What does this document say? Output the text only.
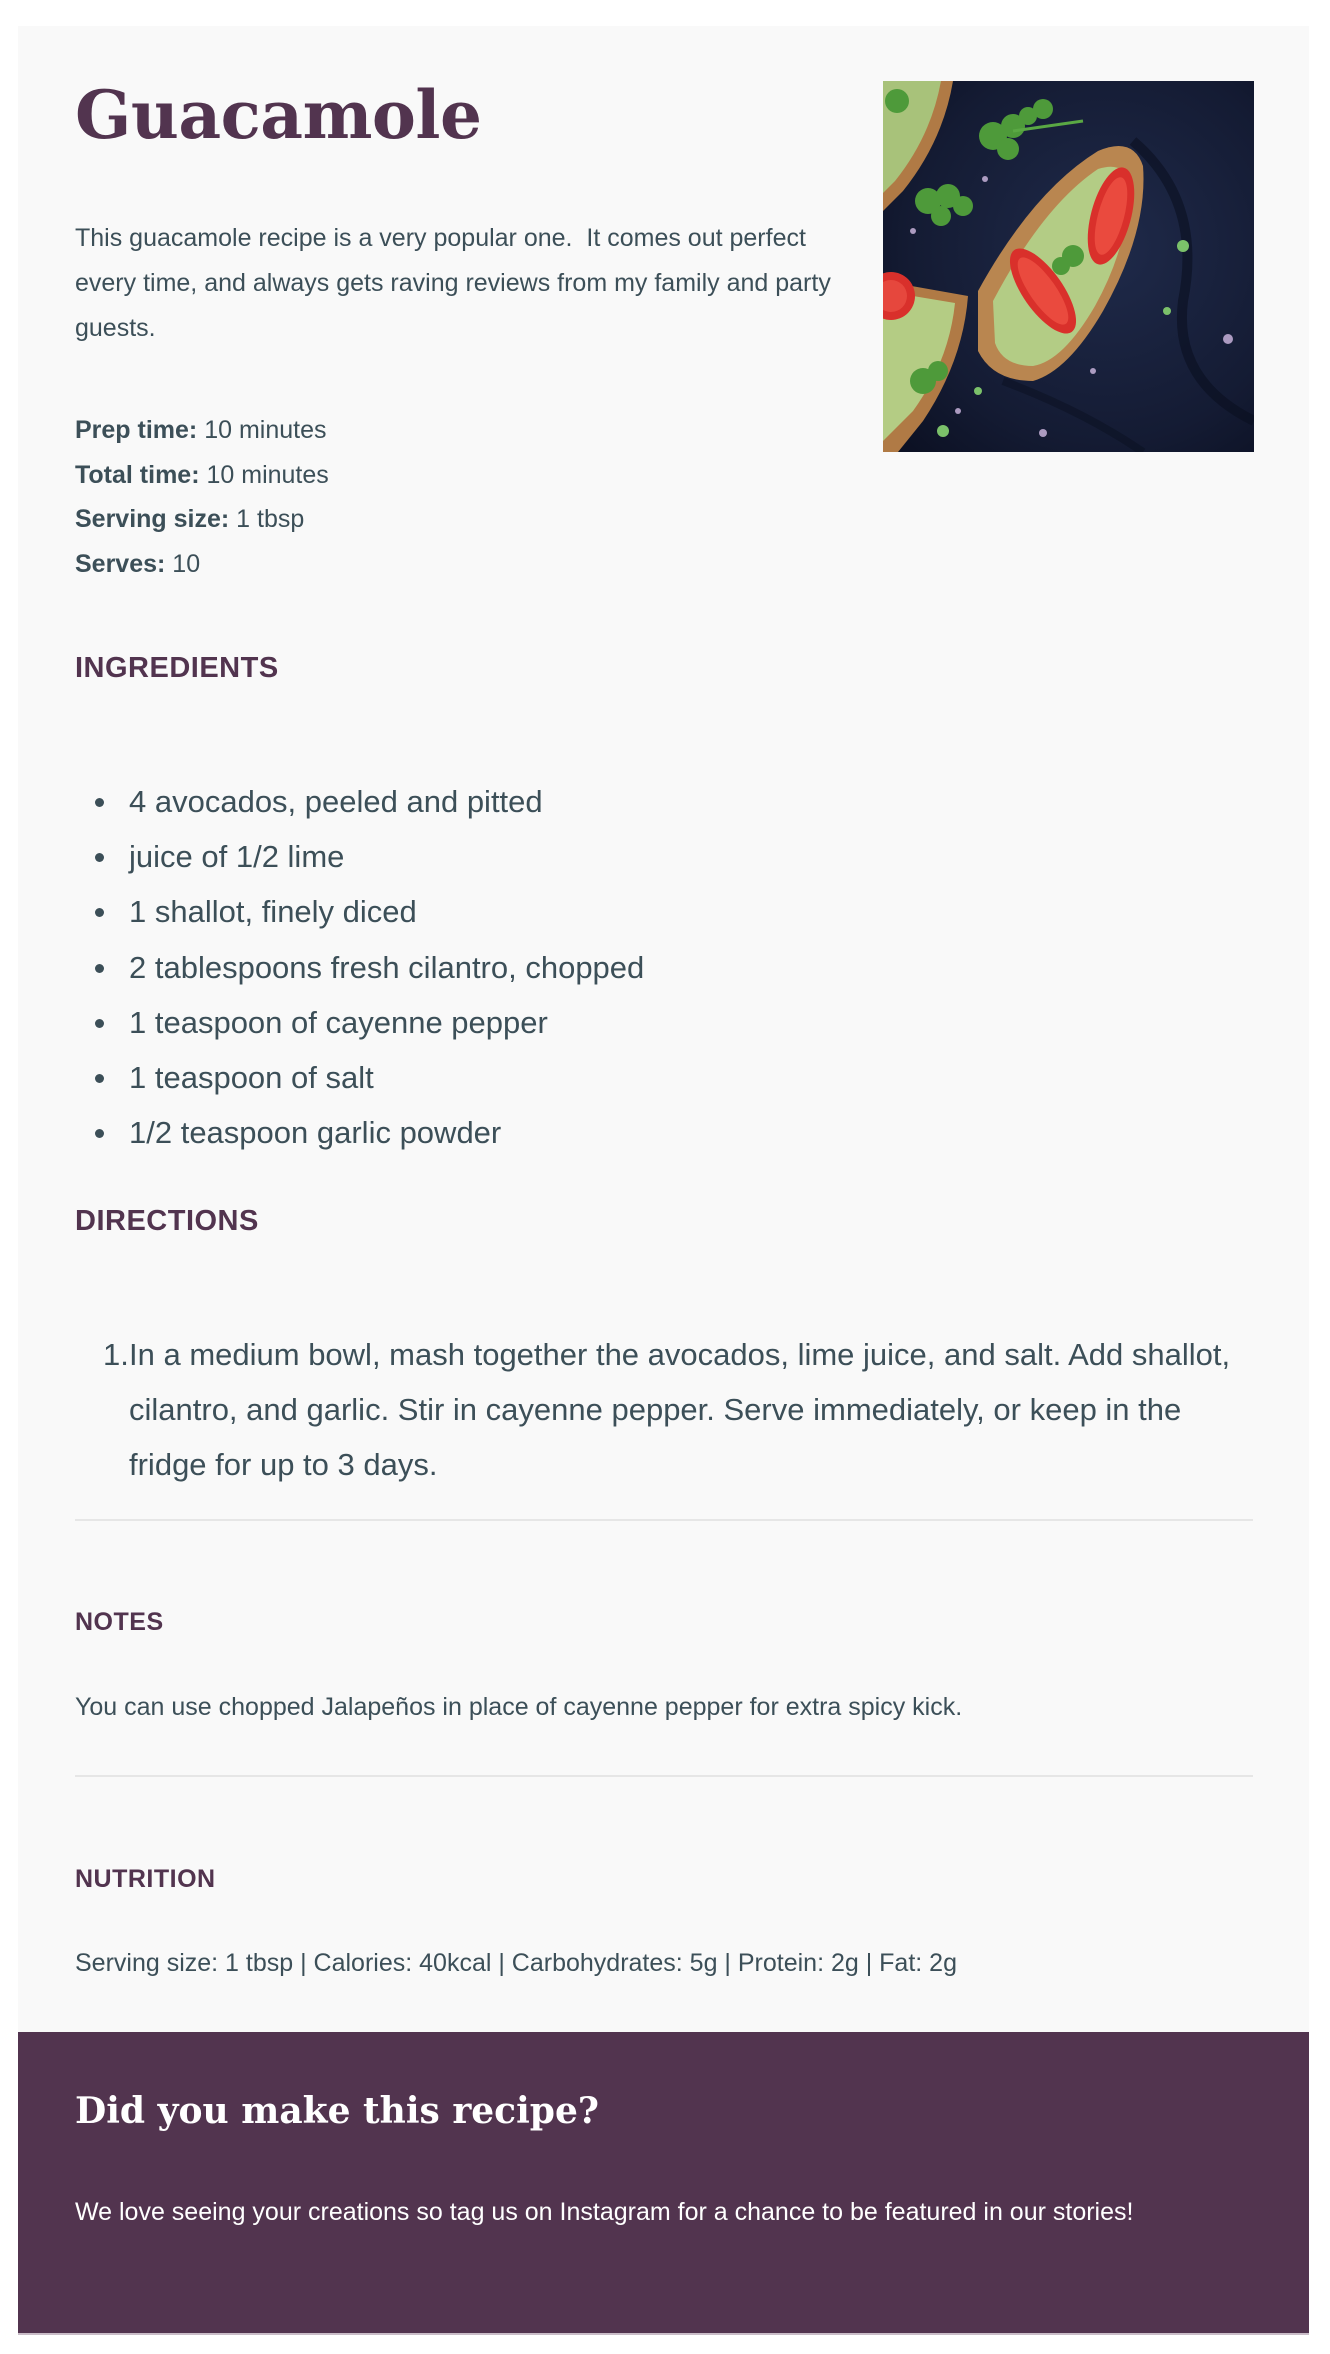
Guacamole

This guacamole recipe is a very popular one.  It comes out perfect every time, and always gets raving reviews from my family and party guests.

Prep time: 10 minutes
Total time: 10 minutes
Serving size: 1 tbsp
Serves: 10
INGREDIENTS
4 avocados, peeled and pitted
juice of 1/2 lime
1 shallot, finely diced
2 tablespoons fresh cilantro, chopped
1 teaspoon of cayenne pepper
1 teaspoon of salt
1/2 teaspoon garlic powder
DIRECTIONS
1. In a medium bowl, mash together the avocados, lime juice, and salt. Add shallot, cilantro, and garlic. Stir in cayenne pepper. Serve immediately, or keep in the fridge for up to 3 days.
NOTES

You can use chopped Jalapeños in place of cayenne pepper for extra spicy kick.

NUTRITION

Serving size: 1 tbsp | Calories: 40kcal | Carbohydrates: 5g | Protein: 2g | Fat: 2g

Did you make this recipe?

We love seeing your creations so tag us on Instagram for a chance to be featured in our stories!
